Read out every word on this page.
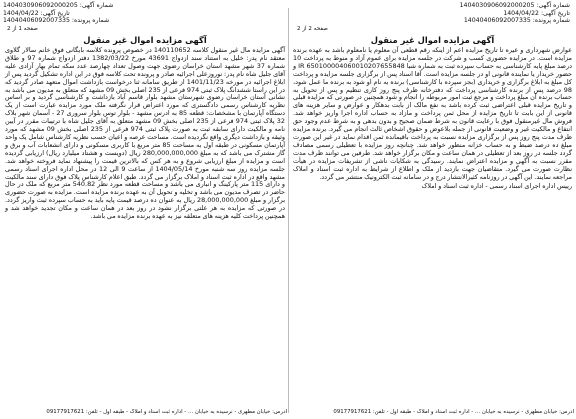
شماره آگهی: 1404030906092000205
تاریخ آگهی: 1404/04/22
شماره پرونده: 14040406092007335
صفحه 2 از 2
آگهی مزایده اموال غیر منقول
عوارض شهرداری و عیره تا تاریخ مزایده اعم از اینکه رقم قطعی آن معلوم یا نامعلوم باشد به عهده برنده مزایده است. در مزایده حضوری کسب و شرکت در جلسه مزایده برای عموم آزاد و منوط به پرداخت 10 درصد مبلغ پایه کارشناسی به حساب سپرده ثبت به شماره شبا IR 650100004060010207655848 و حضور خریدار یا نماینده قانونی او در جلسه مزایده است. آقا اسناد پس از برگزاری جلسه مزایده و پرداخت کل مبلغ به ابلاغ برگزاری و خریداری (بجز سپرده با کارشناسی) برنده به نام او شود به برنده ما عمل شود، 98 درصد پس از برنده کارشناسی پرداخت که دفترخانه ظرف پنج روز کاری تنظیم و پس از تحویل به حساب برنده آن مبلغ پرداخت و مرجع ثبت امور مربوطه را انجام و شود همچنین در صورتی که مزایده قبلی و تاریخ مزایده قبلی اعتراضی ثبت کرده باشد به نفع مالک از بابت بدهکار و عوارض و سایر هزینه های قانونی از این بابت تا تاریخ مزایده از محل ثمن پرداخت و مازاد به حساب اداره اجرا واریز خواهد شد. فروش مال غیرمنقول فوق با رعایت قانون به شرط ضمان صحیح و بدون بدهی و به شرط عدم وجود حق انتفاع و مالکیت غیر و وضعیت قانونی از جمله بلاعوض و حقوق اشخاص ثالث انجام می گیرد. برنده مزایده ظرف مدت پنج روز پس از برگزاری مزایده نسبت به پرداخت باقیمانده ثمن اقدام نماید در غیر این صورت مبلغ ده درصد ضبط و به حساب خزانه منظور خواهد شد. چنانچه روز مزایده با تعطیلی رسمی مصادف گردد جلسه در روز بعد از تعطیلی در همان ساعت و مکان برگزار خواهد شد. طرفین می توانند ظرف مدت مقرر نسبت به آگهی و مزایده اعتراض نمایند. رسیدگی به شکایات ناشی از تشریفات مزایده در هیأت نظارت صورت می گیرد. متقاضیان جهت بازدید از ملک و اطلاع از شرایط به اداره ثبت اسناد و املاک مراجعه نمایند. این آگهی در روزنامه کثیرالانتشار درج و در سامانه ثبت الکترونیک منتشر می گردد.
رییس اداره اجرای اسناد رسمی - اداره ثبت اسناد و املاک
آدرس: خیابان مطهری - نرسیده به خیابان ... - اداره ثبت اسناد و املاک - طبقه اول - تلفن: 09177917621
شماره آگهی: 1404030906092000205
تاریخ آگهی: 1404/04/22
شماره پرونده: 14040406092007335
صفحه 1 از 2
آگهی مزایده اموال غیر منقول
آگهی مزایده مال غیر منقول کلاسه 140110652 در خصوص پرونده کلاسه بایگانی فوق خانم سالار گلاوی معتقد نام پدر: خلیل به استناد سند ازدواج 43691 مورخ 1382/03/22 دفتر ازدواج شماره 97 و طلاق شماره 37 شهر مشهد استان خراسان رضوی جهت وصول تعداد چهارصد عدد سکه تمام بهار آزادی علیه آقای جلیل شاه نام پدر: نوروزعلی اجرائیه صادر و پرونده تحت کلاسه فوق در این اداره تشکیل گردید پس از ابلاغ اجرائیه در مورخه 1401/11/23 از طریق سامانه ثنا درخواست بازداشت اموال متعهد صادر گردید که در این راستا ششدانگ پلاک ثبتی 974 فرعی از 235 اصلی بخش 09 مشهد که متعلق به مدیون می باشد به نشانی استان خراسان رضوی شهرستان مشهد بلوار قاسم آباد بازداشت و کارشناسی گردید و بر اساس نظریه کارشناس رسمی دادگستری که مورد اعتراض قرار نگرفته ملک مورد مزایده عبارت است از یک دستگاه آپارتمان با مشخصات: قطعه 85 به ادرس مشهد - بلوار توس بلوار سروری 27 - آسمان شهر بلاک 32 پلاک ثبتی 974 فرعی از 235 اصلی بخش 09 مشهد متعلق به آقای جلیل شاه با ترتیبات مقرر در آیین نامه و مالکیت دارای سابقه ثبت به صورت پلاک ثبتی 974 فرعی از 235 اصلی بخش 09 مشهد که مورد وثیقه و بازداشت دیگری واقع نگردیده است. مساحت عرصه و اعیان حسب نظریه کارشناس شامل یک واحد آپارتمان مسکونی در طبقه اول به مساحت 85 متر مربع با کاربری مسکونی و دارای انشعابات آب و برق و گاز مشترک می باشد که به مبلغ 280,000,000,000 ریال (دویست و هشتاد میلیارد ریال) ارزیابی گردیده است و مزایده از مبلغ ارزیابی شروع و به هر کس که بالاترین قیمت را پیشنهاد نماید فروخته خواهد شد. جلسه مزایده روز سه شنبه مورخ 1404/05/14 از ساعت 9 الی 12 در محل اداره اجرای اسناد رسمی مشهد واقع در اداره ثبت اسناد و املاک برگزار می گردد. طبق اعلام کارشناس پلاک فوق دارای سند مالکیت و دارای 115 متر پارکینگ و انباری می باشد و مساحت قطعه مورد نظر 540.82 متر مربع که ملک در حال حاضر در تصرف مدیون می باشد و تخلیه و تحویل آن به عهده برنده مزایده است. مزایده به صورت حضوری برگزار و مبلغ 28,000,000,000 ریال به عنوان ده درصد قیمت پایه باید به حساب سپرده ثبت واریز گردد. در صورتی که مزایده به هر علتی برگزار نشود در روز بعد در همان ساعت و مکان تجدید خواهد شد و همچنین پرداخت کلیه هزینه های متعلقه نیز به عهده برنده مزایده می باشد.
آدرس: خیابان مطهری - نرسیده به خیابان ... - اداره ثبت اسناد و املاک - طبقه اول - تلفن: 09177917621
